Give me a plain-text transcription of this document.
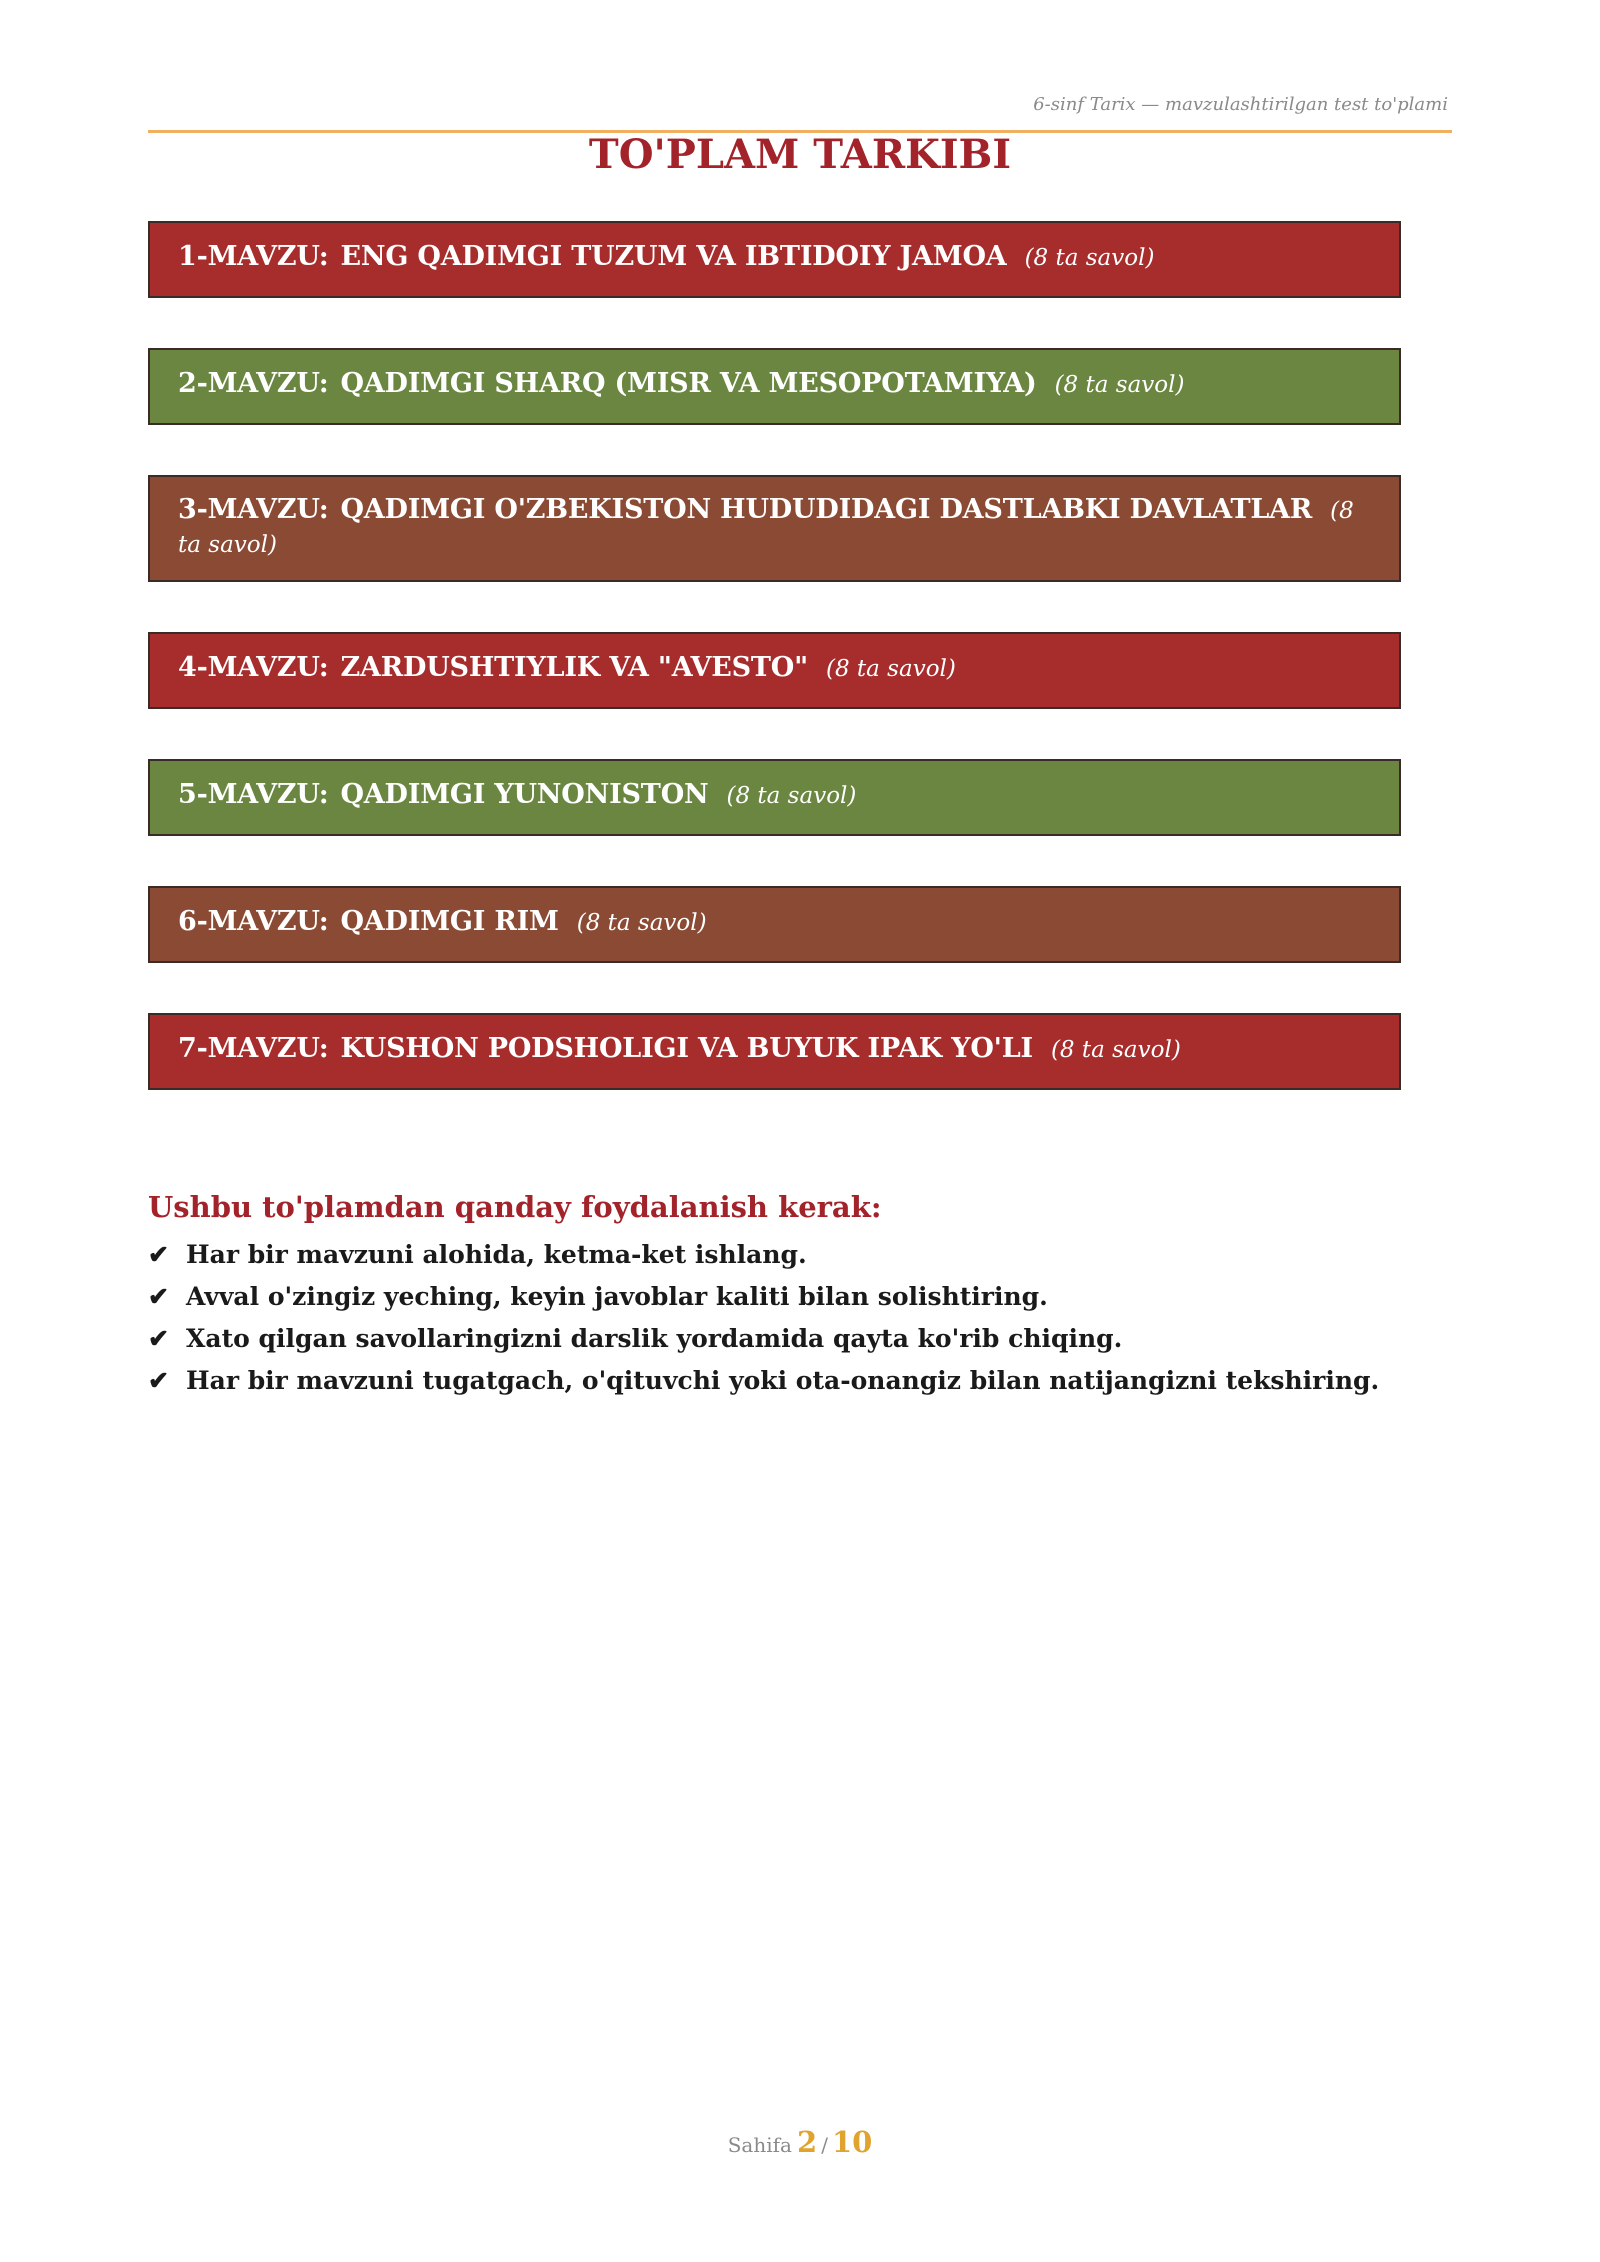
6-sinf Tarix — mavzulashtirilgan test to'plami
TO'PLAM TARKIBI
1-MAVZU: ENG QADIMGI TUZUM VA IBTIDOIY JAMOA (8 ta savol)
2-MAVZU: QADIMGI SHARQ (MISR VA MESOPOTAMIYA) (8 ta savol)
3-MAVZU: QADIMGI O'ZBEKISTON HUDUDIDAGI DASTLABKI DAVLATLAR (8 ta savol)
4-MAVZU: ZARDUSHTIYLIK VA "AVESTO" (8 ta savol)
5-MAVZU: QADIMGI YUNONISTON (8 ta savol)
6-MAVZU: QADIMGI RIM (8 ta savol)
7-MAVZU: KUSHON PODSHOLIGI VA BUYUK IPAK YO'LI (8 ta savol)
Ushbu to'plamdan qanday foydalanish kerak:
✔ Har bir mavzuni alohida, ketma-ket ishlang.
✔ Avval o'zingiz yeching, keyin javoblar kaliti bilan solishtiring.
✔ Xato qilgan savollaringizni darslik yordamida qayta ko'rib chiqing.
✔ Har bir mavzuni tugatgach, o'qituvchi yoki ota-onangiz bilan natijangizni tekshiring.
Sahifa 2 / 10
